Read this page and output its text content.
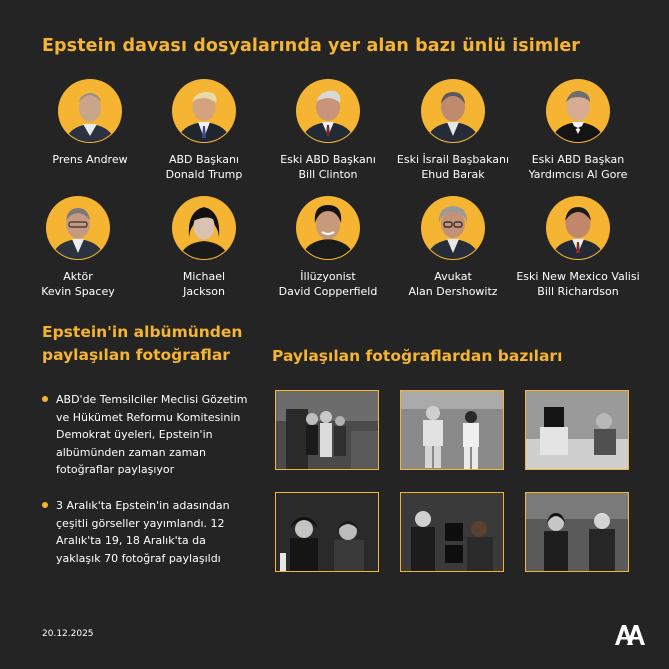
Epstein davası dosyalarında yer alan bazı ünlü isimler
Prens Andrew	ABD Başkanı
Donald Trump
Eski ABD Başkanı
Bill Clinton
Eski İsrail Başbakanı
Ehud Barak
Eski ABD Başkan
Yardımcısı Al Gore
Aktör
Kevin Spacey
Michael
Jackson
İllüzyonist
David Copperfield
Avukat
Alan Dershowitz
Eski New Mexico Valisi
Bill Richardson
Epstein'in albümünden
paylaşılan fotoğraflar
ABD'de Temsilciler Meclisi Gözetim ve Hükümet Reformu Komitesinin Demokrat üyeleri, Epstein'in albümünden zaman zaman fotoğraflar paylaşıyor
3 Aralık'ta Epstein'in adasından çeşitli görseller yayımlandı. 12 Aralık'ta 19, 18 Aralık'ta da yaklaşık 70 fotoğraf paylaşıldı
Paylaşılan fotoğraflardan bazıları
20.12.2025
